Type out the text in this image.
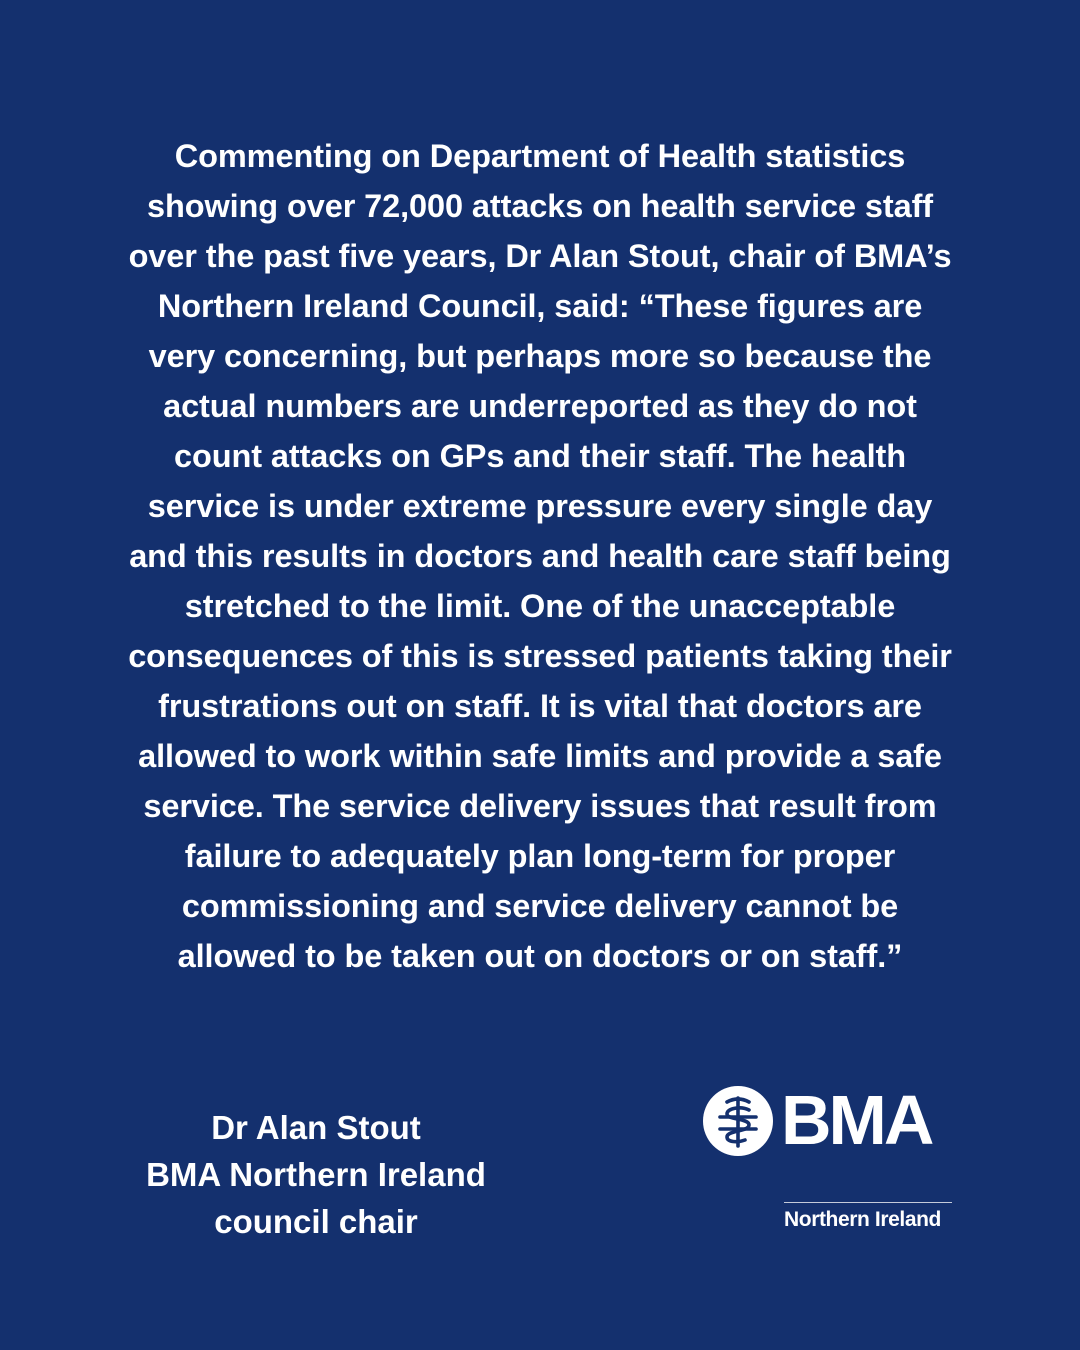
Commenting on Department of Health statistics
showing over 72,000 attacks on health service staff
over the past five years, Dr Alan Stout, chair of BMA’s
Northern Ireland Council, said: “These figures are
very concerning, but perhaps more so because the
actual numbers are underreported as they do not
count attacks on GPs and their staff. The health
service is under extreme pressure every single day
and this results in doctors and health care staff being
stretched to the limit. One of the unacceptable
consequences of this is stressed patients taking their
frustrations out on staff. It is vital that doctors are
allowed to work within safe limits and provide a safe
service. The service delivery issues that result from
failure to adequately plan long-term for proper
commissioning and service delivery cannot be
allowed to be taken out on doctors or on staff.”

Dr Alan Stout
BMA Northern Ireland
council chair
BMA
Northern Ireland
